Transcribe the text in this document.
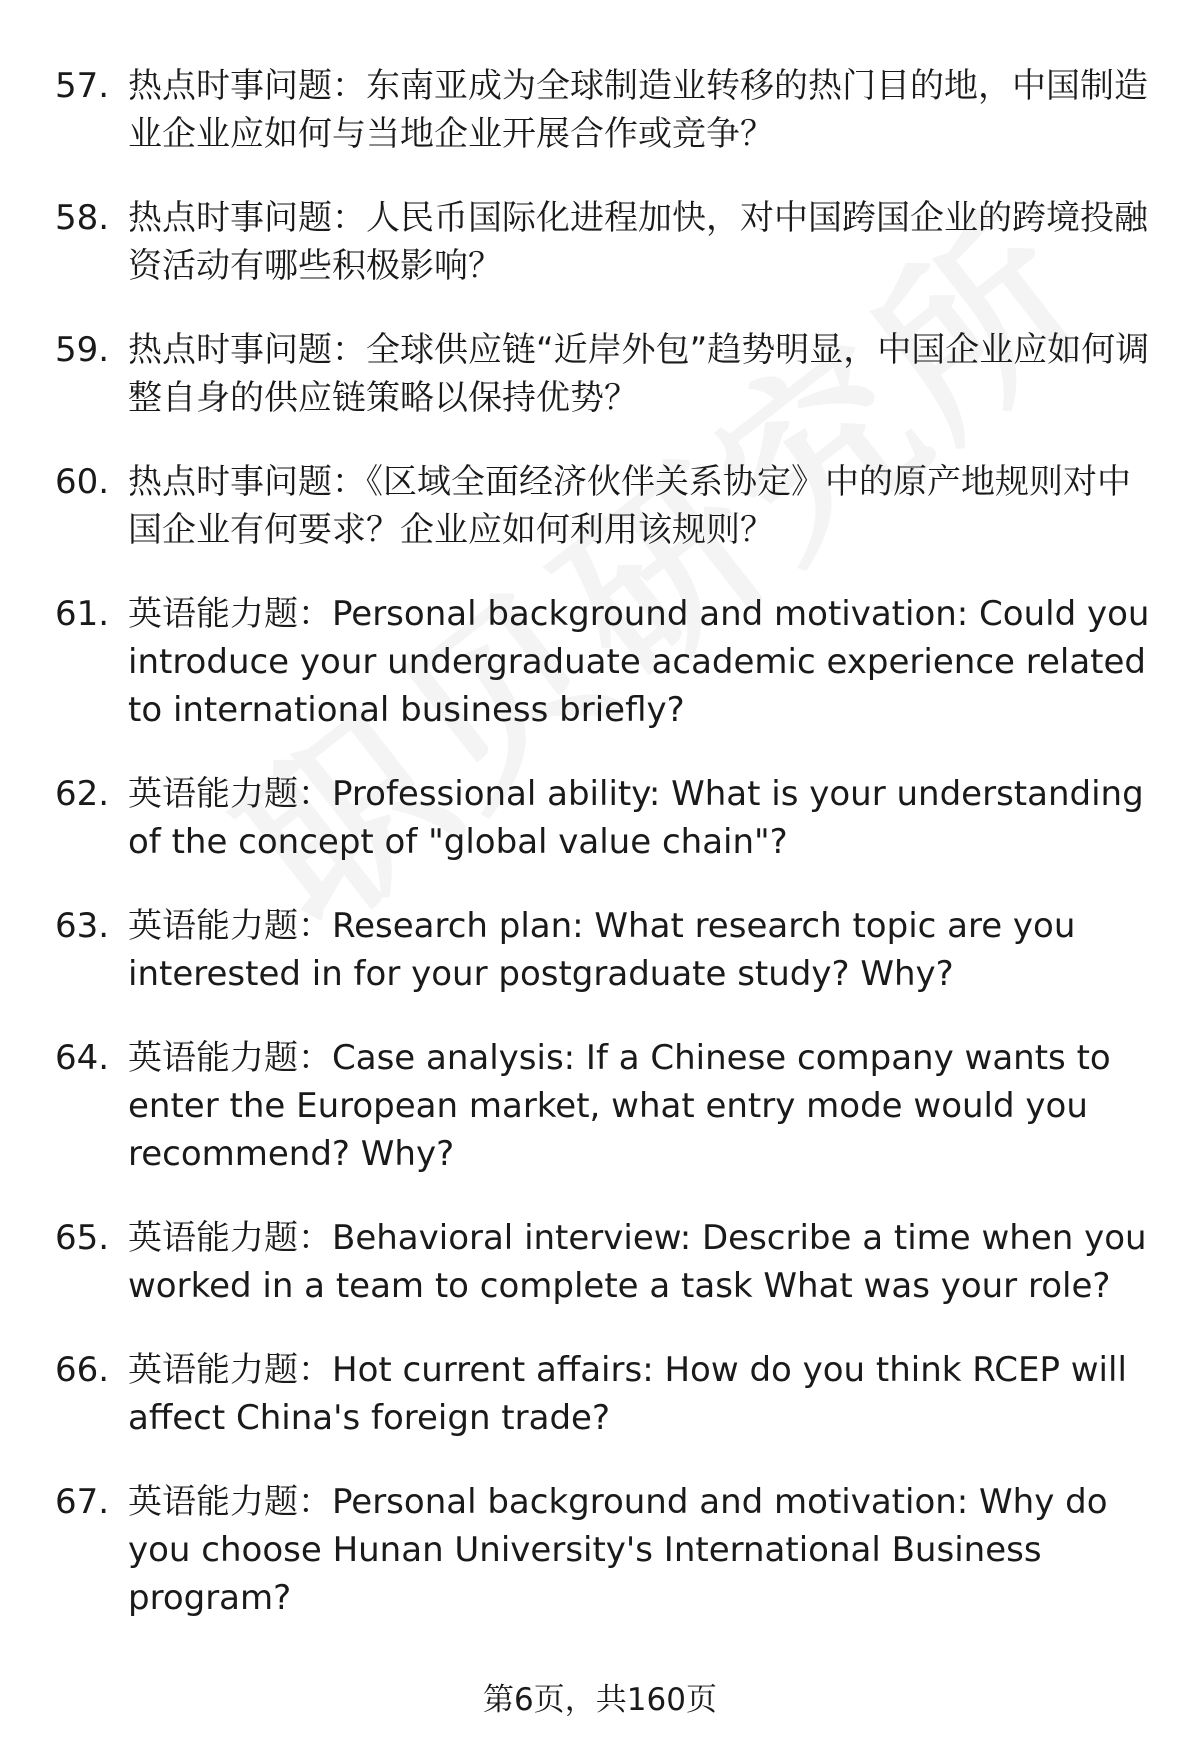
57. 热点时事问题：东南亚成为全球制造业转移的热门目的地，中国制造业企业应如何与当地企业开展合作或竞争？
58. 热点时事问题：人民币国际化进程加快，对中国跨国企业的跨境投融资活动有哪些积极影响？
59. 热点时事问题：全球供应链“近岸外包”趋势明显，中国企业应如何调整自身的供应链策略以保持优势？
60. 热点时事问题：《区域全面经济伙伴关系协定》中的原产地规则对中国企业有何要求？企业应如何利用该规则？
61. 英语能力题：Personal background and motivation: Could you introduce your undergraduate academic experience related to international business briefly?
62. 英语能力题：Professional ability: What is your understanding of the concept of "global value chain"?
63. 英语能力题：Research plan: What research topic are you interested in for your postgraduate study? Why?
64. 英语能力题：Case analysis: If a Chinese company wants to enter the European market, what entry mode would you recommend? Why?
65. 英语能力题：Behavioral interview: Describe a time when you worked in a team to complete a task What was your role?
66. 英语能力题：Hot current affairs: How do you think RCEP will affect China's foreign trade?
67. 英语能力题：Personal background and motivation: Why do you choose Hunan University's International Business program?
第6页，共160页
